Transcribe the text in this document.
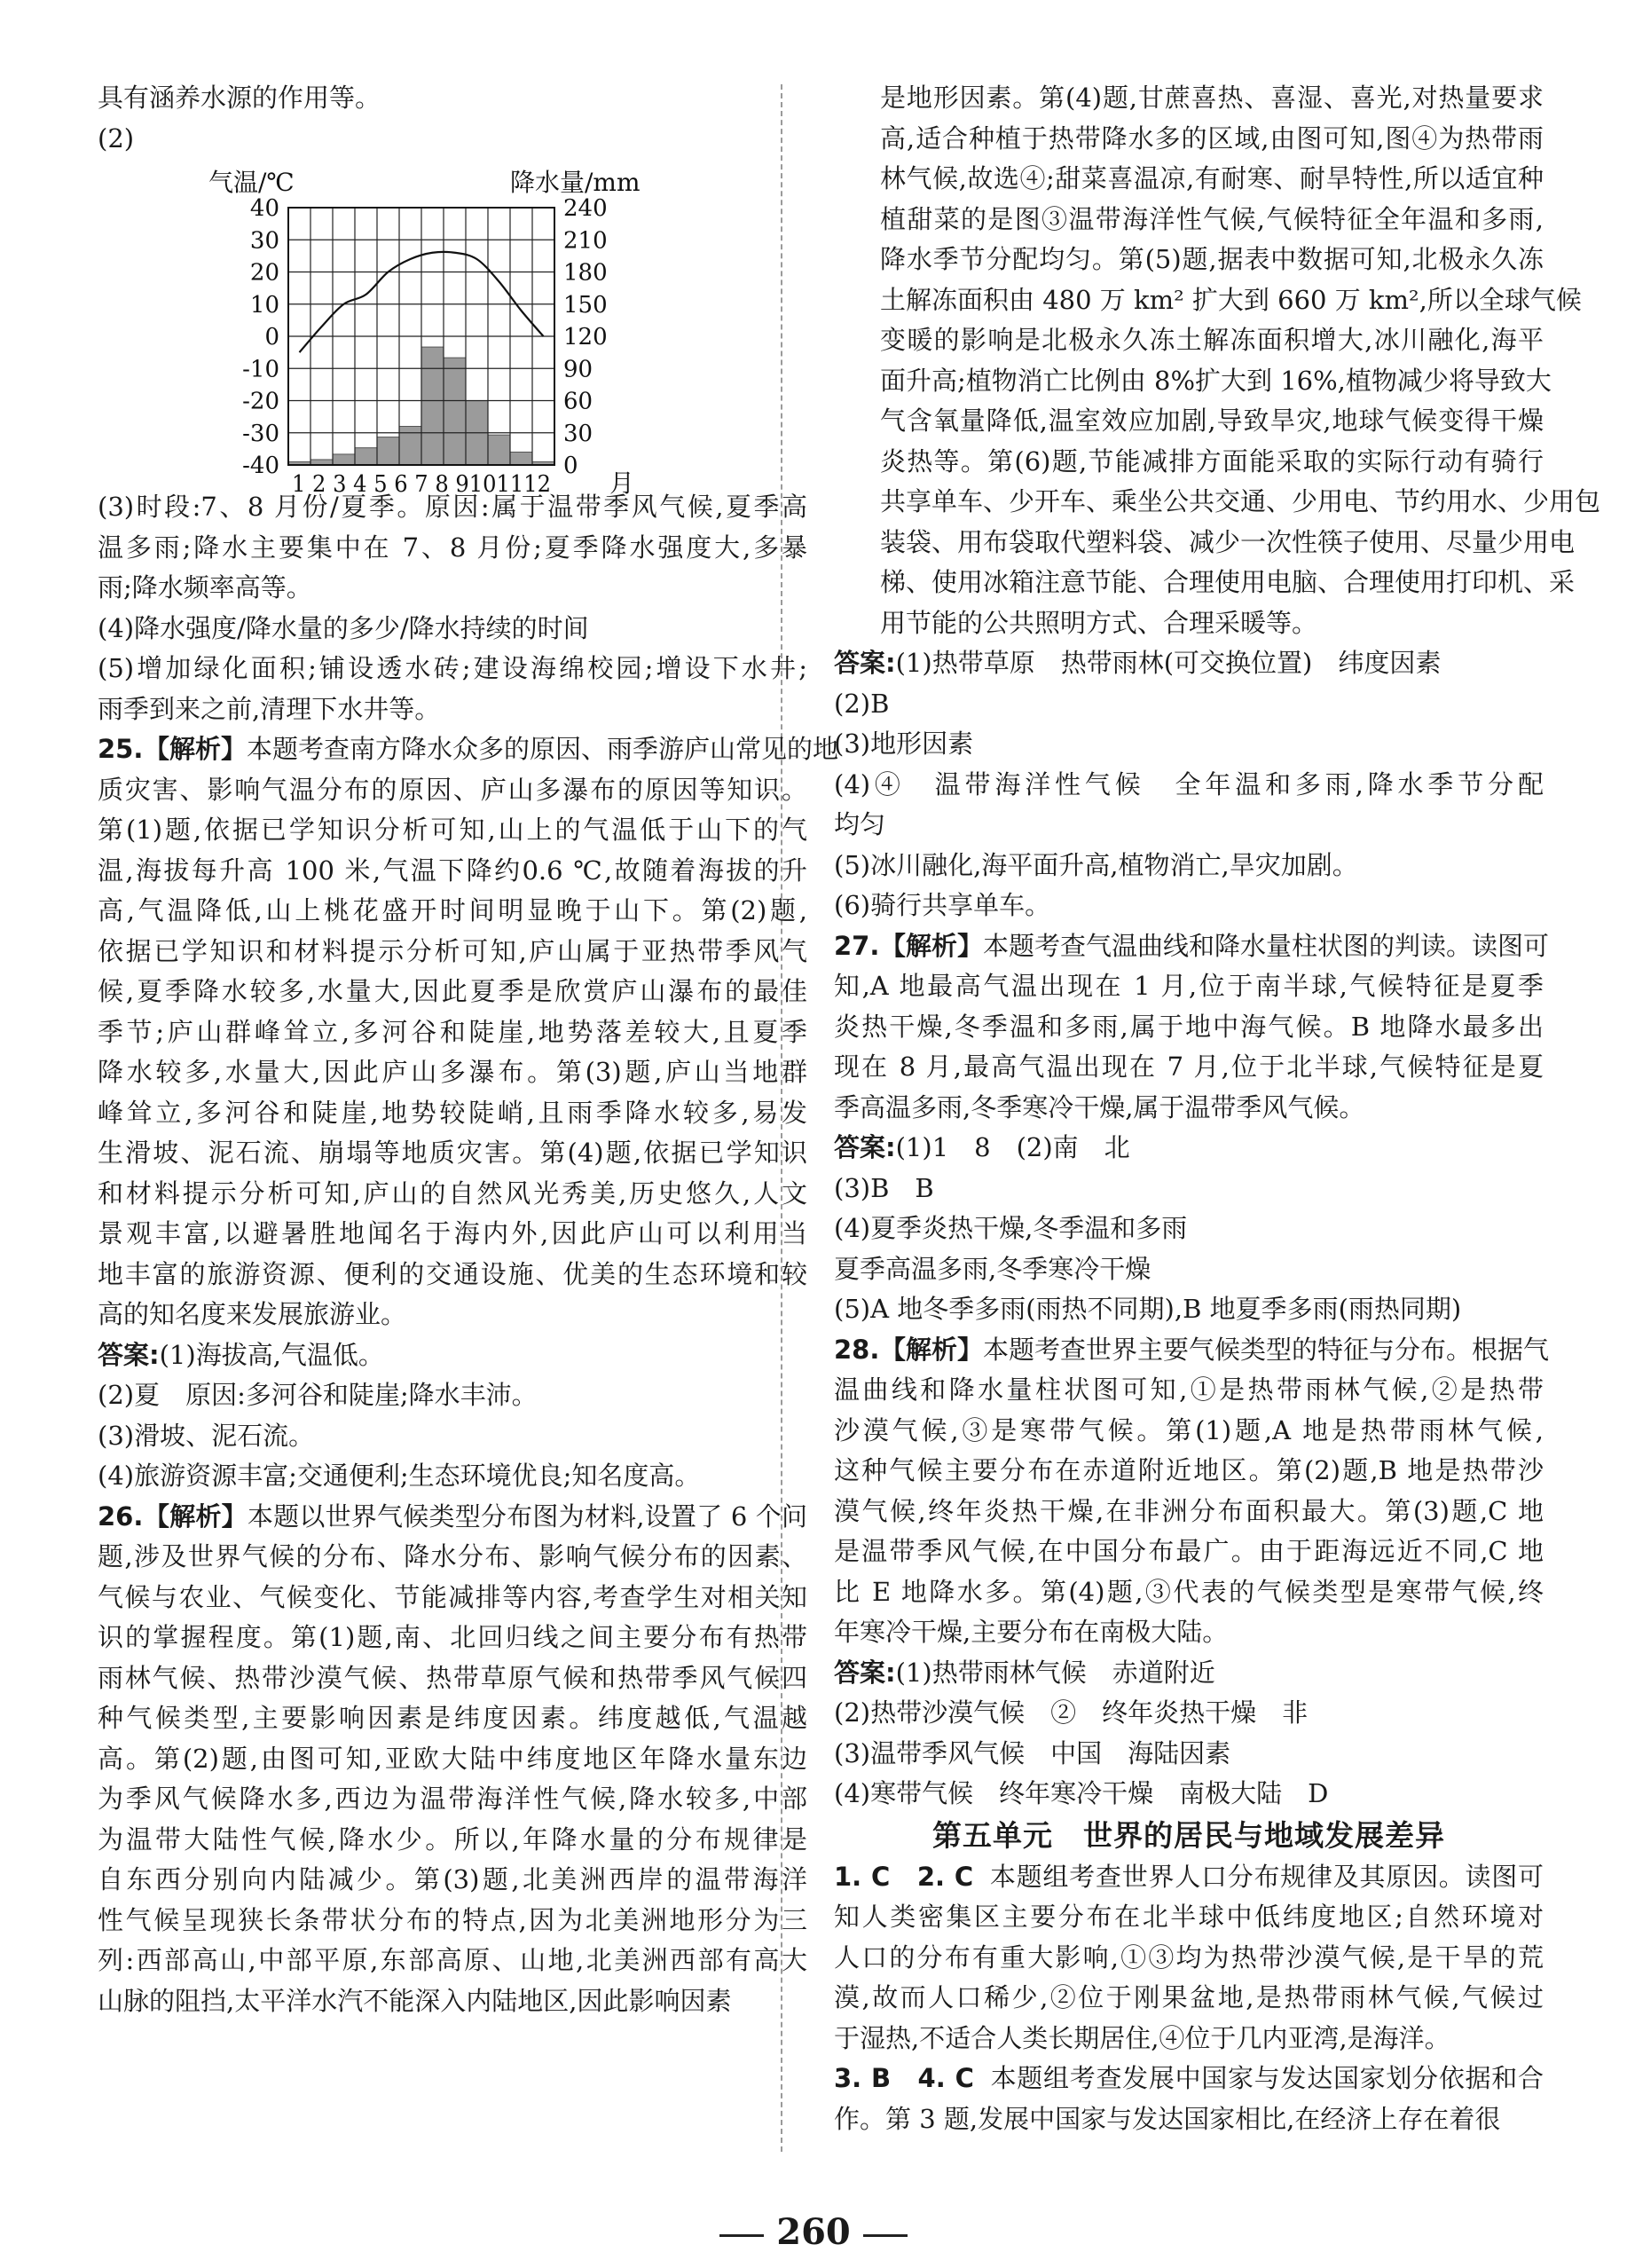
具有涵养水源的作用等。
(2)
40
30
20
10
0
-10
-20
-30
-40
240
210
180
150
120
90
60
30
0
气温/℃	降水量/mm
1 2 3 4 5 6 7 8 9101112 月
(3)时段:7、8 月份/夏季。原因:属于温带季风气候,夏季高
温多雨;降水主要集中在 7、8 月份;夏季降水强度大,多暴
雨;降水频率高等。
(4)降水强度/降水量的多少/降水持续的时间
(5)增加绿化面积;铺设透水砖;建设海绵校园;增设下水井;
雨季到来之前,清理下水井等。
25. 【解析】本题考查南方降水众多的原因、雨季游庐山常见的地
质灾害、影响气温分布的原因、庐山多瀑布的原因等知识。
第(1)题,依据已学知识分析可知,山上的气温低于山下的气
温,海拔每升高 100 米,气温下降约0.6 ℃,故随着海拔的升
高,气温降低,山上桃花盛开时间明显晚于山下。第(2)题,
依据已学知识和材料提示分析可知,庐山属于亚热带季风气
候,夏季降水较多,水量大,因此夏季是欣赏庐山瀑布的最佳
季节;庐山群峰耸立,多河谷和陡崖,地势落差较大,且夏季
降水较多,水量大,因此庐山多瀑布。第(3)题,庐山当地群
峰耸立,多河谷和陡崖,地势较陡峭,且雨季降水较多,易发
生滑坡、泥石流、崩塌等地质灾害。第(4)题,依据已学知识
和材料提示分析可知,庐山的自然风光秀美,历史悠久,人文
景观丰富,以避暑胜地闻名于海内外,因此庐山可以利用当
地丰富的旅游资源、便利的交通设施、优美的生态环境和较
高的知名度来发展旅游业。
答案:(1)海拔高,气温低。
(2)夏　原因:多河谷和陡崖;降水丰沛。
(3)滑坡、泥石流。
(4)旅游资源丰富;交通便利;生态环境优良;知名度高。
26. 【解析】本题以世界气候类型分布图为材料,设置了 6 个问
题,涉及世界气候的分布、降水分布、影响气候分布的因素、
气候与农业、气候变化、节能减排等内容,考查学生对相关知
识的掌握程度。第(1)题,南、北回归线之间主要分布有热带
雨林气候、热带沙漠气候、热带草原气候和热带季风气候四
种气候类型,主要影响因素是纬度因素。纬度越低,气温越
高。第(2)题,由图可知,亚欧大陆中纬度地区年降水量东边
为季风气候降水多,西边为温带海洋性气候,降水较多,中部
为温带大陆性气候,降水少。所以,年降水量的分布规律是
自东西分别向内陆减少。第(3)题,北美洲西岸的温带海洋
性气候呈现狭长条带状分布的特点,因为北美洲地形分为三
列:西部高山,中部平原,东部高原、山地,北美洲西部有高大
山脉的阻挡,太平洋水汽不能深入内陆地区,因此影响因素
是地形因素。第(4)题,甘蔗喜热、喜湿、喜光,对热量要求
高,适合种植于热带降水多的区域,由图可知,图④为热带雨
林气候,故选④;甜菜喜温凉,有耐寒、耐旱特性,所以适宜种
植甜菜的是图③温带海洋性气候,气候特征全年温和多雨,
降水季节分配均匀。第(5)题,据表中数据可知,北极永久冻
土解冻面积由 480 万 km² 扩大到 660 万 km²,所以全球气候
变暖的影响是北极永久冻土解冻面积增大,冰川融化,海平
面升高;植物消亡比例由 8%扩大到 16%,植物减少将导致大
气含氧量降低,温室效应加剧,导致旱灾,地球气候变得干燥
炎热等。第(6)题,节能减排方面能采取的实际行动有骑行
共享单车、少开车、乘坐公共交通、少用电、节约用水、少用包
装袋、用布袋取代塑料袋、减少一次性筷子使用、尽量少用电
梯、使用冰箱注意节能、合理使用电脑、合理使用打印机、采
用节能的公共照明方式、合理采暖等。
答案:(1)热带草原　热带雨林(可交换位置)　纬度因素
(2)B
(3)地形因素
(4)④　温带海洋性气候　全年温和多雨,降水季节分配
均匀
(5)冰川融化,海平面升高,植物消亡,旱灾加剧。
(6)骑行共享单车。
27. 【解析】本题考查气温曲线和降水量柱状图的判读。读图可
知,A 地最高气温出现在 1 月,位于南半球,气候特征是夏季
炎热干燥,冬季温和多雨,属于地中海气候。B 地降水最多出
现在 8 月,最高气温出现在 7 月,位于北半球,气候特征是夏
季高温多雨,冬季寒冷干燥,属于温带季风气候。
答案:(1)1　8　(2)南　北
(3)B　B
(4)夏季炎热干燥,冬季温和多雨
夏季高温多雨,冬季寒冷干燥
(5)A 地冬季多雨(雨热不同期),B 地夏季多雨(雨热同期)
28. 【解析】本题考查世界主要气候类型的特征与分布。根据气
温曲线和降水量柱状图可知,①是热带雨林气候,②是热带
沙漠气候,③是寒带气候。第(1)题,A 地是热带雨林气候,
这种气候主要分布在赤道附近地区。第(2)题,B 地是热带沙
漠气候,终年炎热干燥,在非洲分布面积最大。第(3)题,C 地
是温带季风气候,在中国分布最广。由于距海远近不同,C 地
比 E 地降水多。第(4)题,③代表的气候类型是寒带气候,终
年寒冷干燥,主要分布在南极大陆。
答案:(1)热带雨林气候　赤道附近
(2)热带沙漠气候　②　终年炎热干燥　非
(3)温带季风气候　中国　海陆因素
(4)寒带气候　终年寒冷干燥　南极大陆　D
第五单元　世界的居民与地域发展差异
1. C　2. C 本题组考查世界人口分布规律及其原因。读图可
知人类密集区主要分布在北半球中低纬度地区;自然环境对
人口的分布有重大影响,①③均为热带沙漠气候,是干旱的荒
漠,故而人口稀少,②位于刚果盆地,是热带雨林气候,气候过
于湿热,不适合人类长期居住,④位于几内亚湾,是海洋。
3. B　4. C 本题组考查发展中国家与发达国家划分依据和合
作。第 3 题,发展中国家与发达国家相比,在经济上存在着很
260
